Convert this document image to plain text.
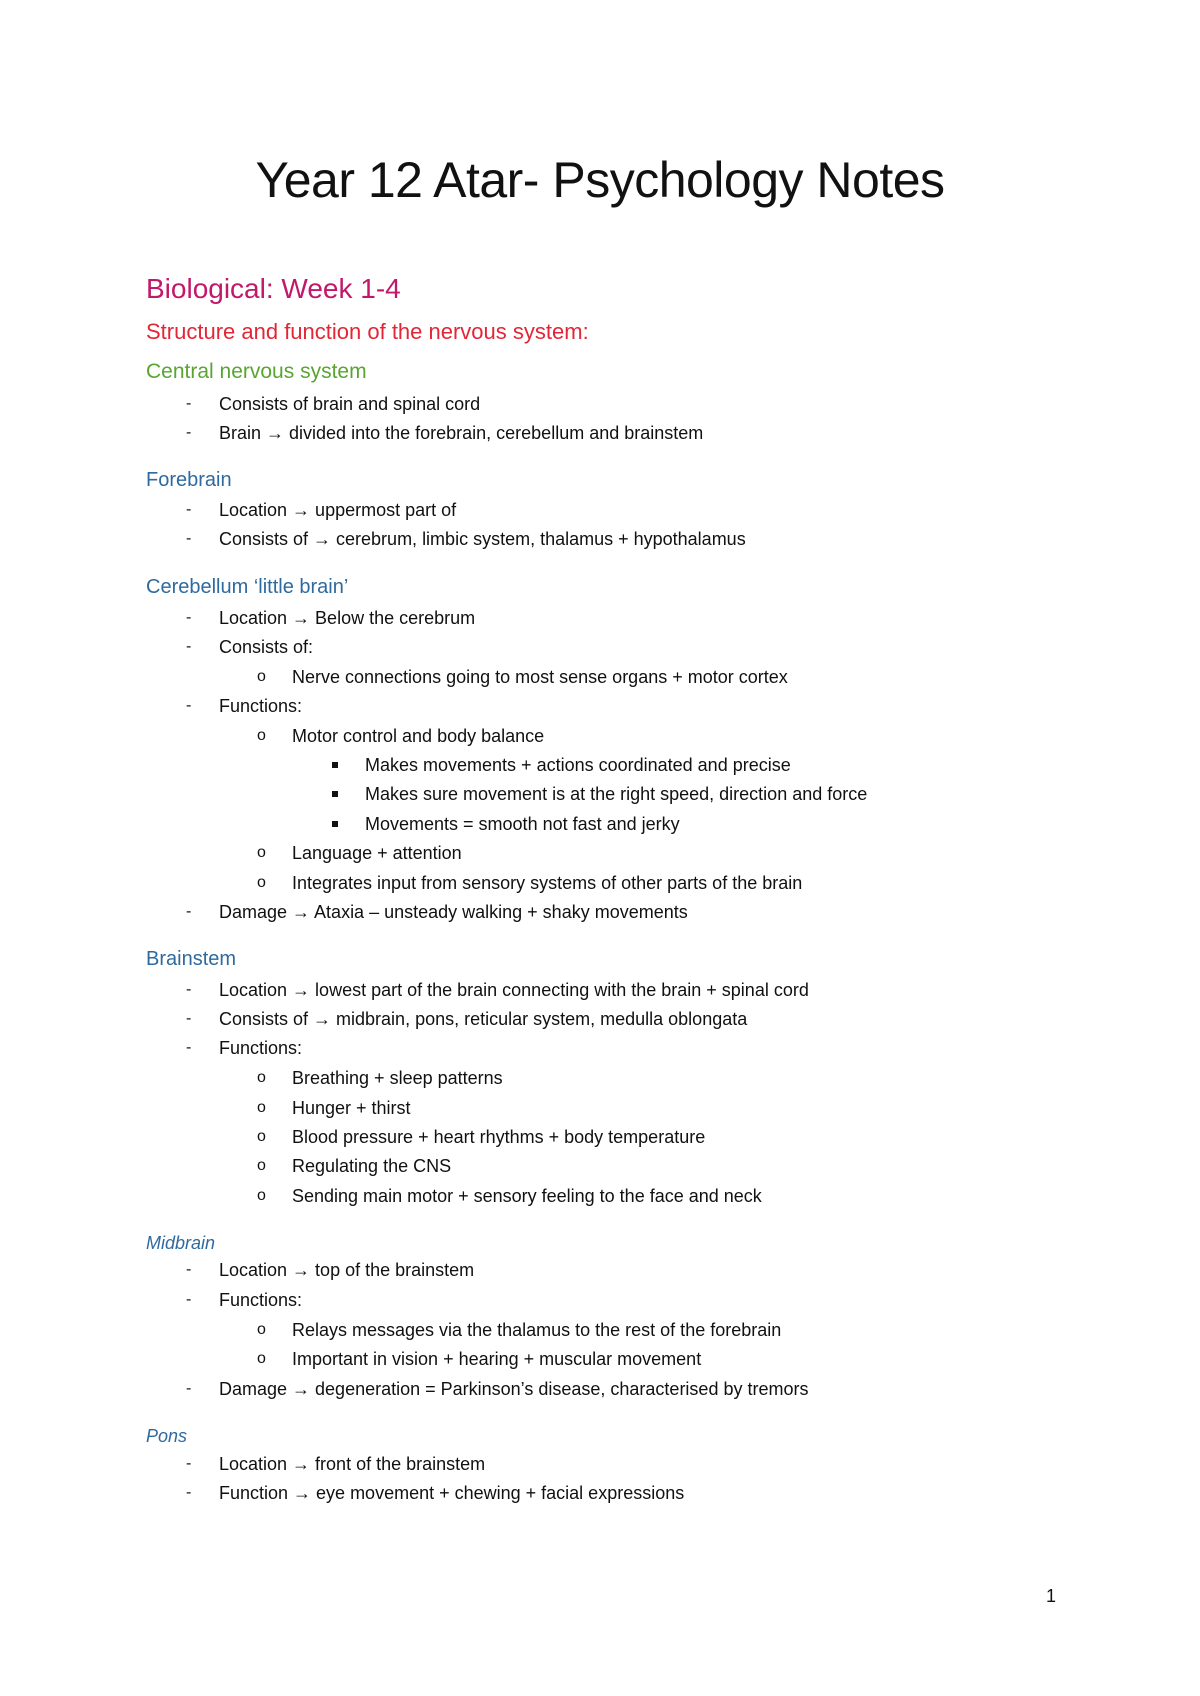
Year 12 Atar- Psychology Notes
Biological: Week 1-4
Structure and function of the nervous system:
Central nervous system
- Consists of brain and spinal cord
- Brain → divided into the forebrain, cerebellum and brainstem
Forebrain
- Location → uppermost part of
- Consists of → cerebrum, limbic system, thalamus + hypothalamus
Cerebellum ‘little brain’
- Location → Below the cerebrum
- Consists of:
o Nerve connections going to most sense organs + motor cortex
- Functions:
o Motor control and body balance
Makes movements + actions coordinated and precise
Makes sure movement is at the right speed, direction and force
Movements = smooth not fast and jerky
o Language + attention
o Integrates input from sensory systems of other parts of the brain
- Damage → Ataxia – unsteady walking + shaky movements
Brainstem
- Location → lowest part of the brain connecting with the brain + spinal cord
- Consists of → midbrain, pons, reticular system, medulla oblongata
- Functions:
o Breathing + sleep patterns
o Hunger + thirst
o Blood pressure + heart rhythms + body temperature
o Regulating the CNS
o Sending main motor + sensory feeling to the face and neck
Midbrain
- Location → top of the brainstem
- Functions:
o Relays messages via the thalamus to the rest of the forebrain
o Important in vision + hearing + muscular movement
- Damage → degeneration = Parkinson’s disease, characterised by tremors
Pons
- Location → front of the brainstem
- Function → eye movement + chewing + facial expressions
1
